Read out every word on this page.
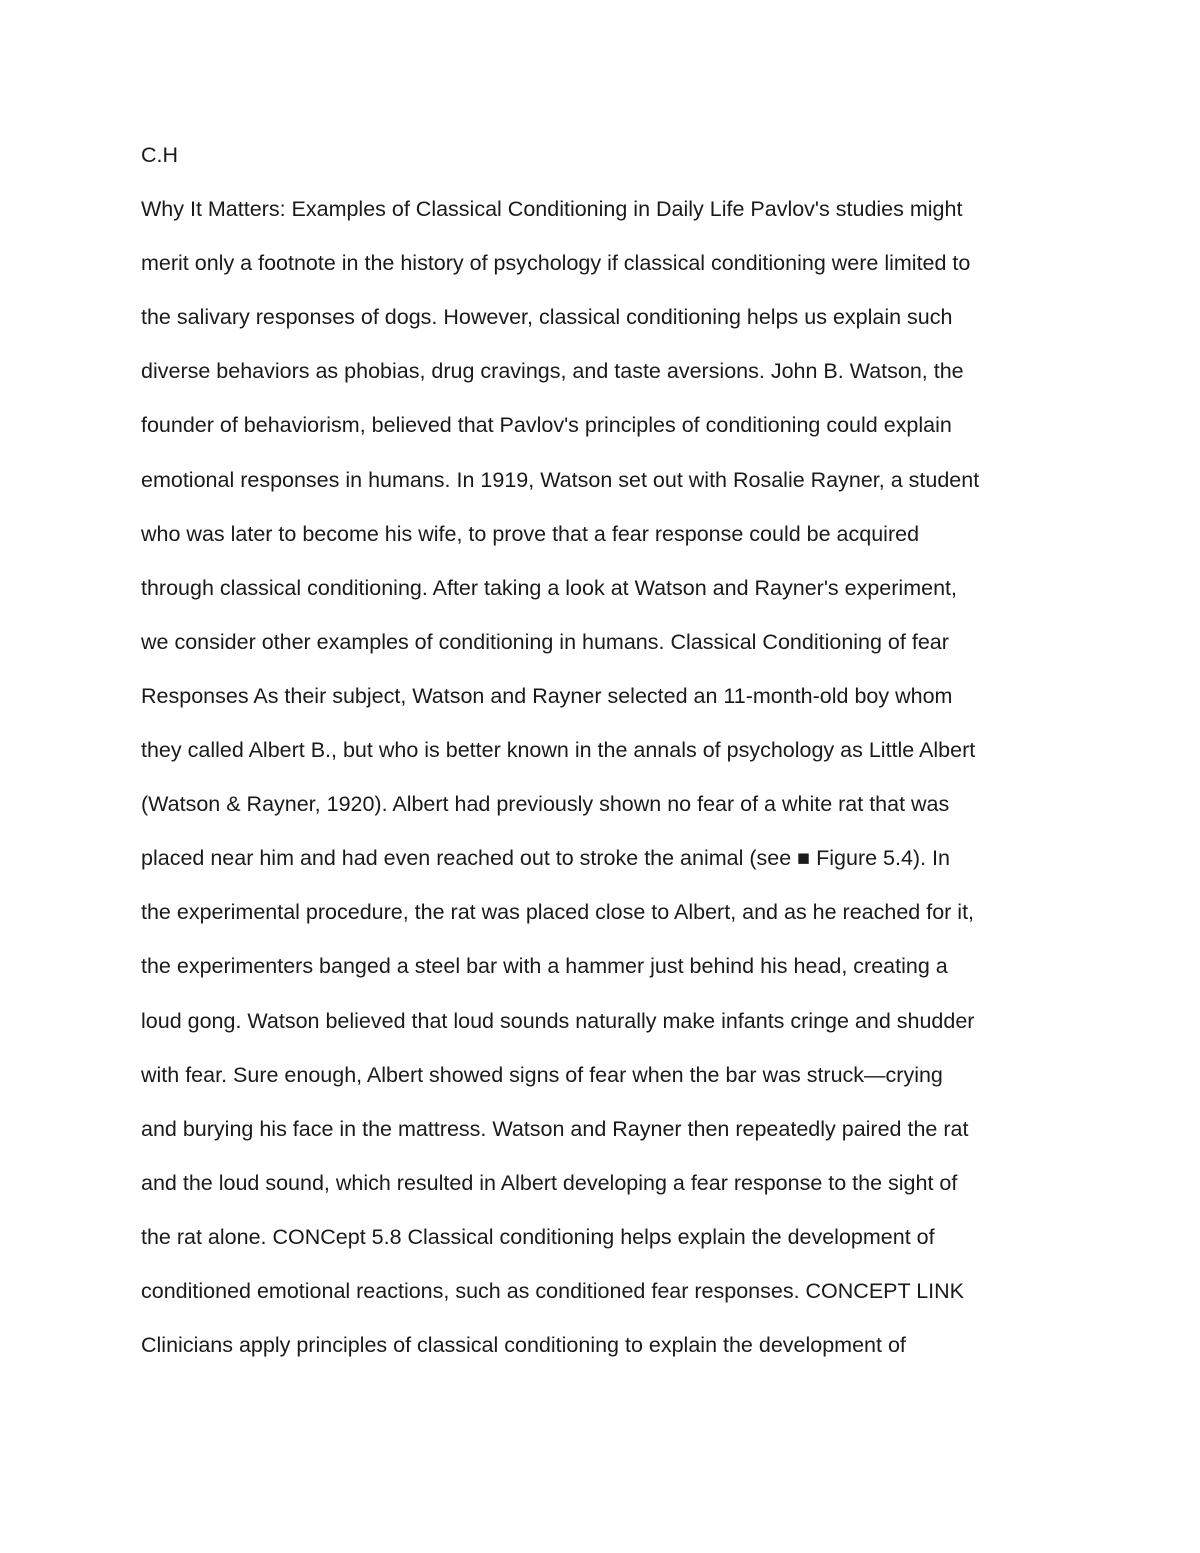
C.H

Why It Matters: Examples of Classical Conditioning in Daily Life Pavlov's studies might

merit only a footnote in the history of psychology if classical conditioning were limited to

the salivary responses of dogs. However, classical conditioning helps us explain such

diverse behaviors as phobias, drug cravings, and taste aversions. John B. Watson, the

founder of behaviorism, believed that Pavlov's principles of conditioning could explain

emotional responses in humans. In 1919, Watson set out with Rosalie Rayner, a student

who was later to become his wife, to prove that a fear response could be acquired

through classical conditioning. After taking a look at Watson and Rayner's experiment,

we consider other examples of conditioning in humans. Classical Conditioning of fear

Responses As their subject, Watson and Rayner selected an 11-month-old boy whom

they called Albert B., but who is better known in the annals of psychology as Little Albert

(Watson & Rayner, 1920). Albert had previously shown no fear of a white rat that was

placed near him and had even reached out to stroke the animal (see ■ Figure 5.4). In

the experimental procedure, the rat was placed close to Albert, and as he reached for it,

the experimenters banged a steel bar with a hammer just behind his head, creating a

loud gong. Watson believed that loud sounds naturally make infants cringe and shudder

with fear. Sure enough, Albert showed signs of fear when the bar was struck—crying

and burying his face in the mattress. Watson and Rayner then repeatedly paired the rat

and the loud sound, which resulted in Albert developing a fear response to the sight of

the rat alone. CONCept 5.8 Classical conditioning helps explain the development of

conditioned emotional reactions, such as conditioned fear responses. CONCEPT LINK

Clinicians apply principles of classical conditioning to explain the development of
